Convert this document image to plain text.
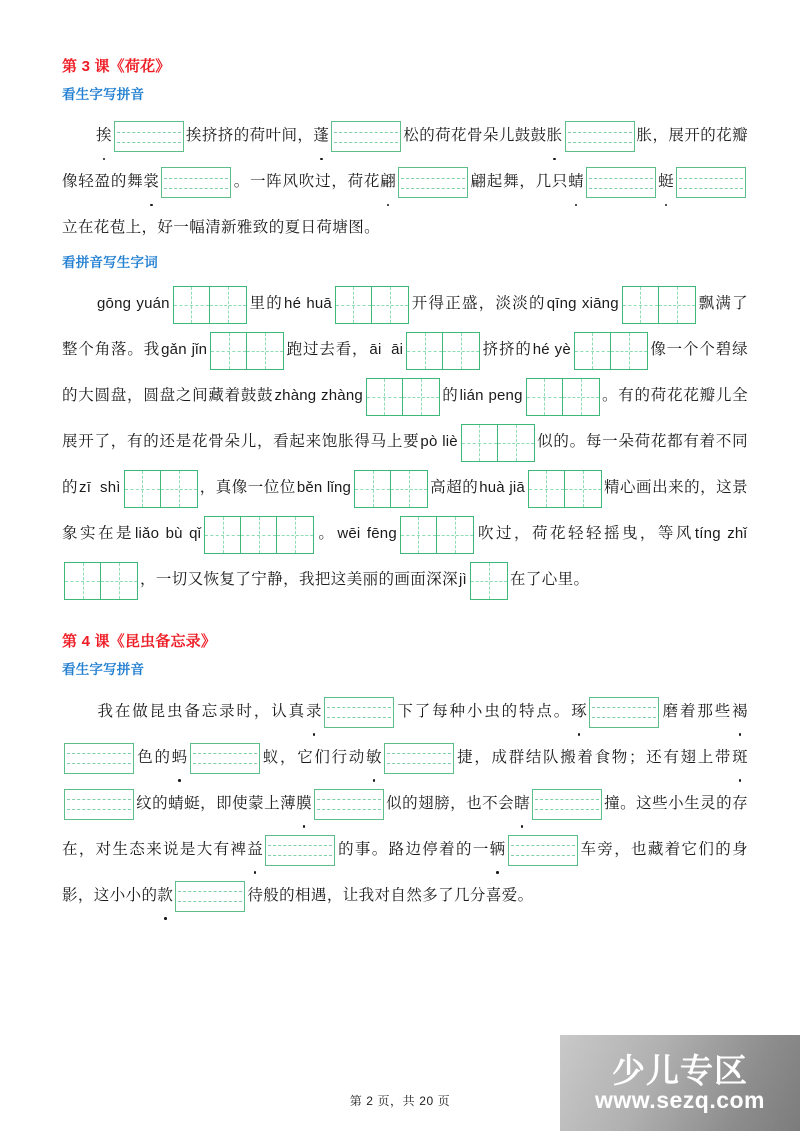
第 3 课《荷花》
看生字写拼音
挨	挨挤挤的荷叶间，蓬	松的荷花骨朵儿鼓鼓胀	胀，展开的花瓣像轻盈的舞裳	。一阵风吹过，荷花翩	翩起舞，几只蜻	蜓立在花苞上，好一幅清新雅致的夏日荷塘图。
看拼音写生字词
gōng yuán	里的hé huā	开得正盛，淡淡的qīng xiāng	飘满了整个角落。我gǎn jǐn	跑过去看，āi  āi	挤挤的hé yè	像一个个碧绿的大圆盘，圆盘之间藏着鼓鼓zhàng zhàng	的lián peng	。有的荷花花瓣儿全展开了，有的还是花骨朵儿，看起来饱胀得马上要pò liè	似的。每一朵荷花都有着不同的zī  shì	，真像一位位běn lǐng	高超的huà jiā	精心画出来的，这景象实在是liǎo bù qǐ	。wēi fēng	吹过，荷花轻轻摇曳，等风tíng zhǐ
，一切又恢复了宁静，我把这美丽的画面深深jì	在了心里。
第 4 课《昆虫备忘录》
看生字写拼音
我在做昆虫备忘录时，认真录	下了每种小虫的特点。琢	磨着那些褐色的蚂	蚁，它们行动敏	捷，成群结队搬着食物；还有翅上带斑纹的蜻蜓，即使蒙上薄膜	似的翅膀，也不会瞎	撞。这些小生灵的存在，对生态来说是大有裨益	的事。路边停着的一辆	车旁，也藏着它们的身影，这小小的款	待般的相遇，让我对自然多了几分喜爱。
第 2 页，共 20 页
少儿专区
www.sezq.com
